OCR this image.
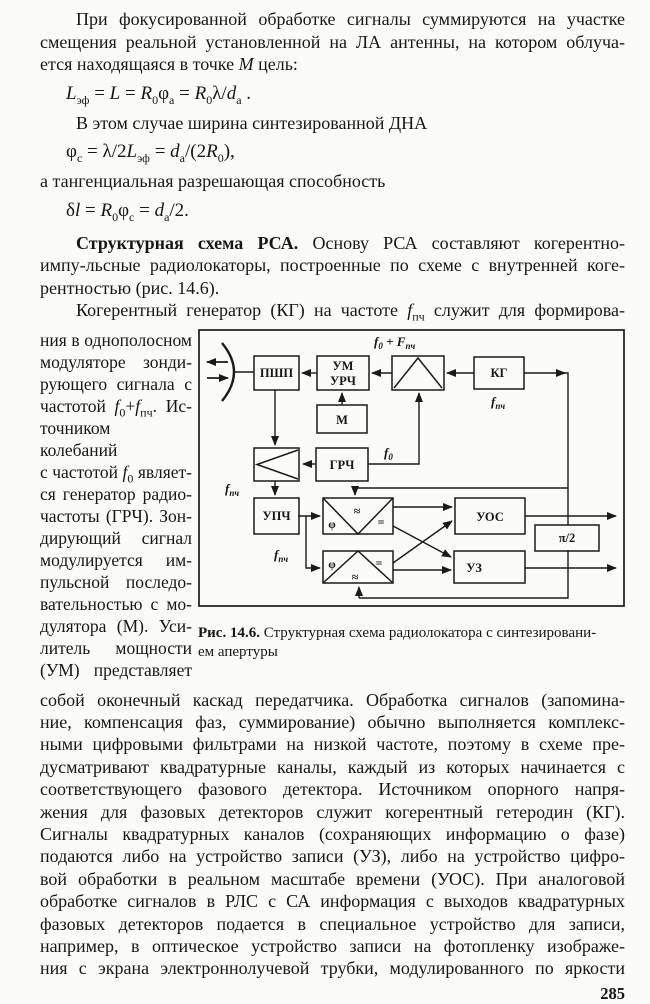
При фокусированной обработке сигналы суммируются на участке
смещения реальной установленной на ЛА антенны, на котором облуча-
ется находящаяся в точке М цель:
$L_{эф} = L = R_0\varphi_а = R_0\lambda/d_а$ .
В этом случае ширина синтезированной ДНА
$\varphi_с = \lambda/2L_{эф} = d_а/(2R_0)$,
а тангенциальная разрешающая способность
$\delta l = R_0\varphi_с = d_а/2$.
Структурная схема РСА. Основу РСА составляют когерентно-
импу-льсные радиолокаторы, построенные по схеме с внутренней коге-
рентностью (рис. 14.6).
Когерентный генератор (КГ) на частоте $f_{пч}$ служит для формирова-
ния в однополосном
модуляторе зонди-
рующего сигнала с
частотой $f_0+f_{пч}$. Ис-
точником колебаний
с частотой $f_0$ являет-
ся генератор радио-
частоты (ГРЧ). Зон-
дирующий сигнал
модулируется им-
пульсной последо-
вательностью с мо-
дулятора (М). Уси-
литель мощности
(УМ) представляет
ПШП	УМ
УРЧ
КГ
М
ГРЧ
УПЧ	УОС
УЗ
π/2
φ
≈
=
φ
≈
=
f0 + Fпч
fпч
f0
fпч
fпч
Рис. 14.6. Структурная схема радиолокатора с синтезировани-
ем апертуры
собой оконечный каскад передатчика. Обработка сигналов (запомина-
ние, компенсация фаз, суммирование) обычно выполняется комплекс-
ными цифровыми фильтрами на низкой частоте, поэтому в схеме пре-
дусматривают квадратурные каналы, каждый из которых начинается с
соответствующего фазового детектора. Источником опорного напря-
жения для фазовых детекторов служит когерентный гетеродин (КГ).
Сигналы квадратурных каналов (сохраняющих информацию о фазе)
подаются либо на устройство записи (УЗ), либо на устройство цифро-
вой обработки в реальном масштабе времени (УОС). При аналоговой
обработке сигналов в РЛС с СА информация с выходов квадратурных
фазовых детекторов подается в специальное устройство для записи,
например, в оптическое устройство записи на фотопленку изображе-
ния с экрана электроннолучевой трубки, модулированного по яркости
285
